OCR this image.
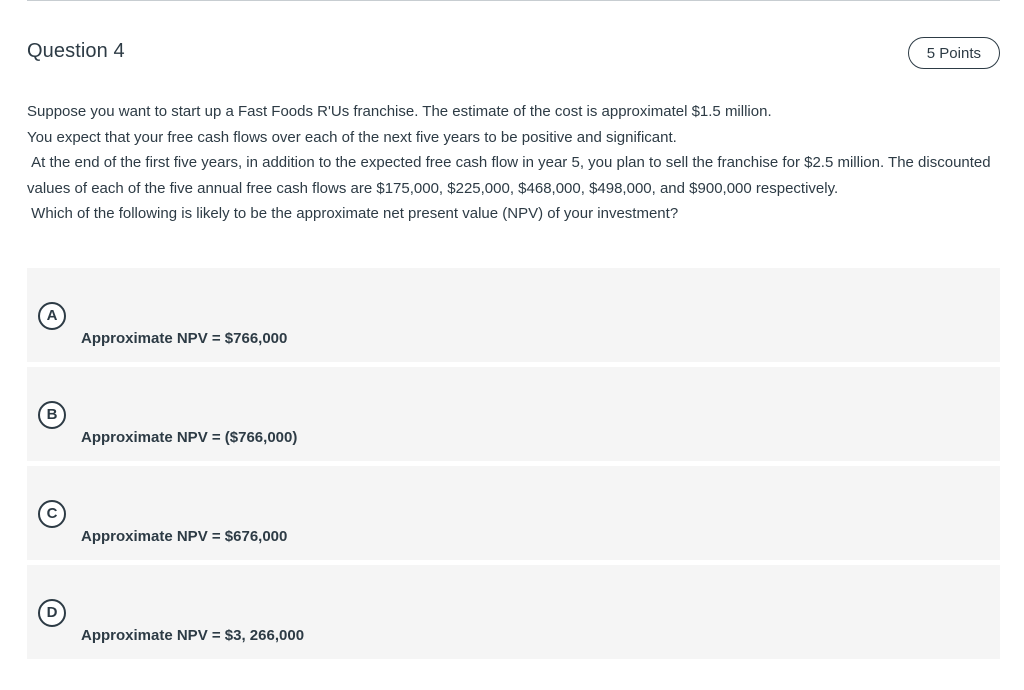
Question 4	5 Points

Suppose you want to start up a Fast Foods R'Us franchise. The estimate of the cost is approximatel $1.5 million.

You expect that your free cash flows over each of the next five years to be positive and significant.

At the end of the first five years, in addition to the expected free cash flow in year 5, you plan to sell the franchise for $2.5 million. The discounted values of each of the five annual free cash flows are $175,000, $225,000, $468,000, $498,000, and $900,000 respectively.

Which of the following is likely to be the approximate net present value (NPV) of your investment?

A
Approximate NPV = $766,000
B
Approximate NPV = ($766,000)
C
Approximate NPV = $676,000
D
Approximate NPV = $3, 266,000
